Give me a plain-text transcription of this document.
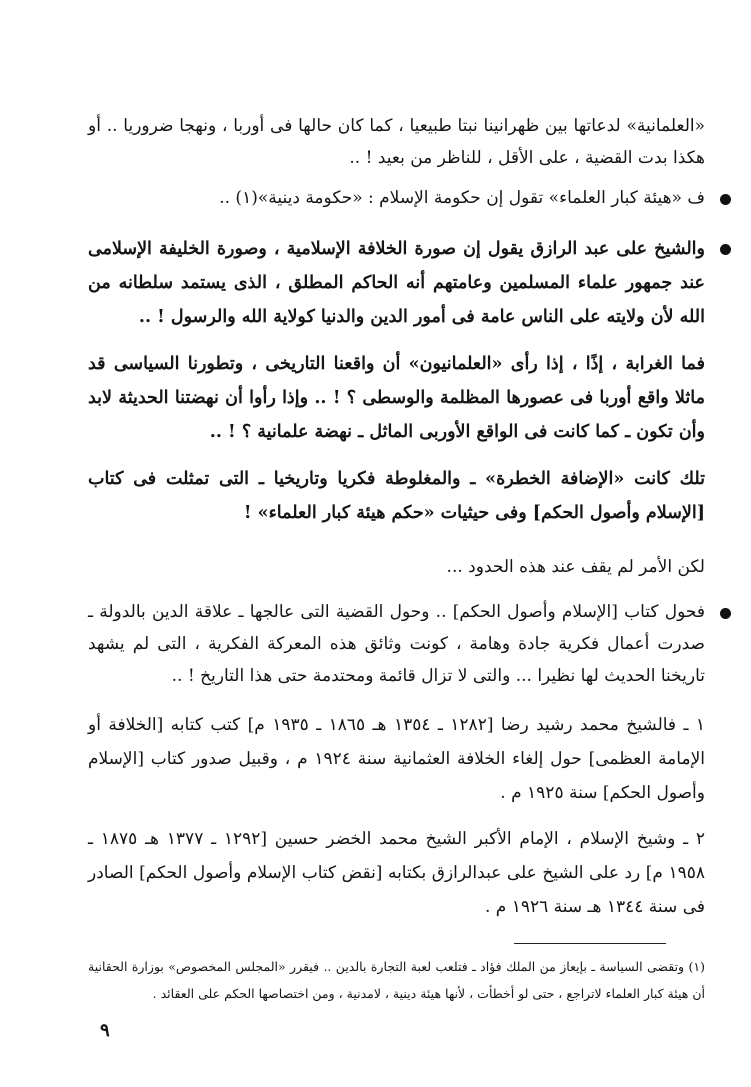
«العلمانية» لدعاتها بين ظهرانينا نبتا طبيعيا ، كما كان حالها فى أوربا ، ونهجا ضروريا .. أو هكذا بدت القضية ، على الأقل ، للناظر من بعيد ! ..

ف «هيئة كبار العلماء» تقول إن حكومة الإسلام : «حكومة دينية»(١) ..
والشيخ على عبد الرازق يقول إن صورة الخلافة الإسلامية ، وصورة الخليفة الإسلامى عند جمهور علماء المسلمين وعامتهم أنه الحاكم المطلق ، الذى يستمد سلطانه من الله لأن ولايته على الناس عامة فى أمور الدين والدنيا كولاية الله والرسول ! ..

فما الغرابة ، إذًا ، إذا رأى «العلمانيون» أن واقعنا التاريخى ، وتطورنا السياسى قد ماثلا واقع أوربا فى عصورها المظلمة والوسطى ؟ ! .. وإذا رأوا أن نهضتنا الحديثة لابد وأن تكون ـ كما كانت فى الواقع الأوربى الماثل ـ نهضة علمانية ؟ ! ..

تلك كانت «الإضافة الخطرة» ـ والمغلوطة فكريا وتاريخيا ـ التى تمثلت فى كتاب [الإسلام وأصول الحكم] وفى حيثيات «حكم هيئة كبار العلماء» !

لكن الأمر لم يقف عند هذه الحدود ...

فحول كتاب [الإسلام وأصول الحكم] .. وحول القضية التى عالجها ـ علاقة الدين بالدولة ـ صدرت أعمال فكرية جادة وهامة ، كونت وثائق هذه المعركة الفكرية ، التى لم يشهد تاريخنا الحديث لها نظيرا ... والتى لا تزال قائمة ومحتدمة حتى هذا التاريخ ! ..

١ ـ فالشيخ محمد رشيد رضا [١٢٨٢ ـ ١٣٥٤ هـ ١٨٦٥ ـ ١٩٣٥ م] كتب كتابه [الخلافة أو الإمامة العظمى] حول إلغاء الخلافة العثمانية سنة ١٩٢٤ م ، وقبيل صدور كتاب [الإسلام وأصول الحكم] سنة ١٩٢٥ م .

٢ ـ وشيخ الإسلام ، الإمام الأكبر الشيخ محمد الخضر حسين [١٢٩٢ ـ ١٣٧٧ هـ ١٨٧٥ ـ ١٩٥٨ م] رد على الشيخ على عبدالرازق بكتابه [نقض كتاب الإسلام وأصول الحكم] الصادر فى سنة ١٣٤٤ هـ سنة ١٩٢٦ م .

(١) وتقضى السياسة ـ بإيعاز من الملك فؤاد ـ فتلعب لعبة التجارة بالدين .. فيقرر «المجلس المخصوص» بوزارة الحقانية أن هيئة كبار العلماء لاتراجع ، حتى لو أخطأت ، لأنها هيئة دينية ، لامدنية ، ومن اختصاصها الحكم على العقائد .

٩
